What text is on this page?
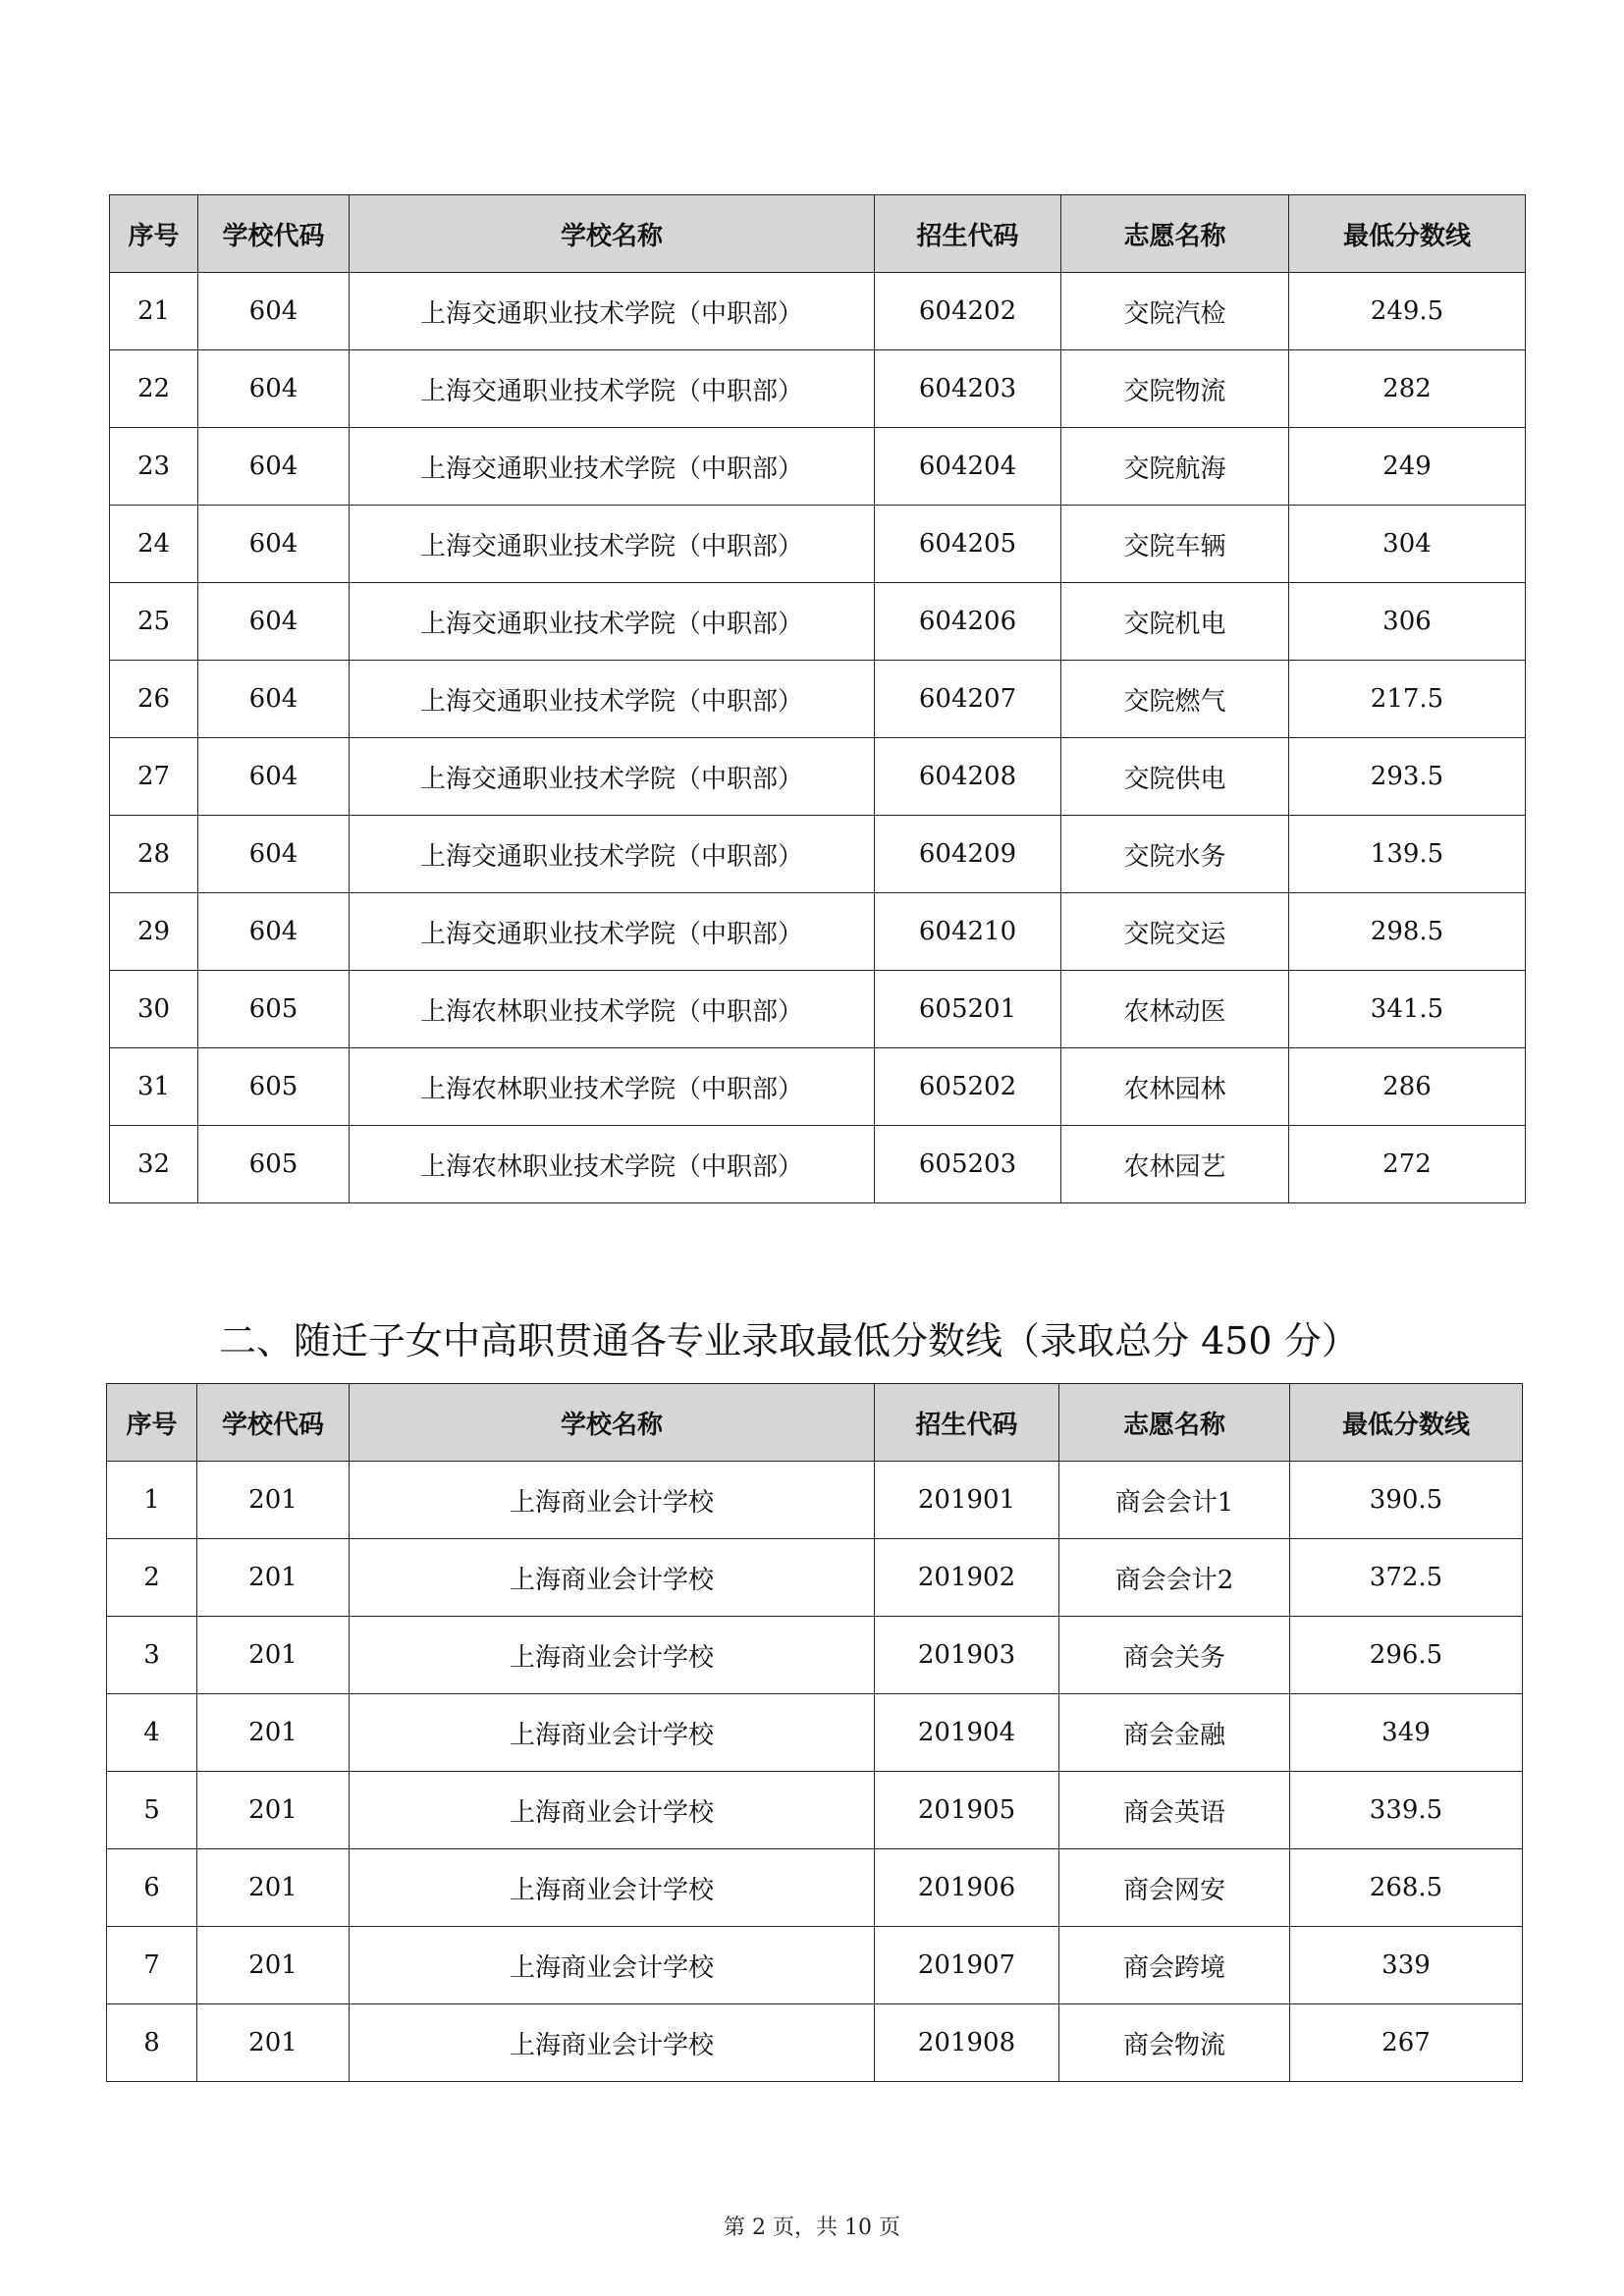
序号	学校代码	学校名称	招生代码	志愿名称	最低分数线
21	604	上海交通职业技术学院（中职部）	604202	交院汽检	249.5
22	604	上海交通职业技术学院（中职部）	604203	交院物流	282
23	604	上海交通职业技术学院（中职部）	604204	交院航海	249
24	604	上海交通职业技术学院（中职部）	604205	交院车辆	304
25	604	上海交通职业技术学院（中职部）	604206	交院机电	306
26	604	上海交通职业技术学院（中职部）	604207	交院燃气	217.5
27	604	上海交通职业技术学院（中职部）	604208	交院供电	293.5
28	604	上海交通职业技术学院（中职部）	604209	交院水务	139.5
29	604	上海交通职业技术学院（中职部）	604210	交院交运	298.5
30	605	上海农林职业技术学院（中职部）	605201	农林动医	341.5
31	605	上海农林职业技术学院（中职部）	605202	农林园林	286
32	605	上海农林职业技术学院（中职部）	605203	农林园艺	272
二、随迁子女中高职贯通各专业录取最低分数线（录取总分 450 分）
序号	学校代码	学校名称	招生代码	志愿名称	最低分数线
1	201	上海商业会计学校	201901	商会会计1	390.5
2	201	上海商业会计学校	201902	商会会计2	372.5
3	201	上海商业会计学校	201903	商会关务	296.5
4	201	上海商业会计学校	201904	商会金融	349
5	201	上海商业会计学校	201905	商会英语	339.5
6	201	上海商业会计学校	201906	商会网安	268.5
7	201	上海商业会计学校	201907	商会跨境	339
8	201	上海商业会计学校	201908	商会物流	267
第 2 页，共 10 页
